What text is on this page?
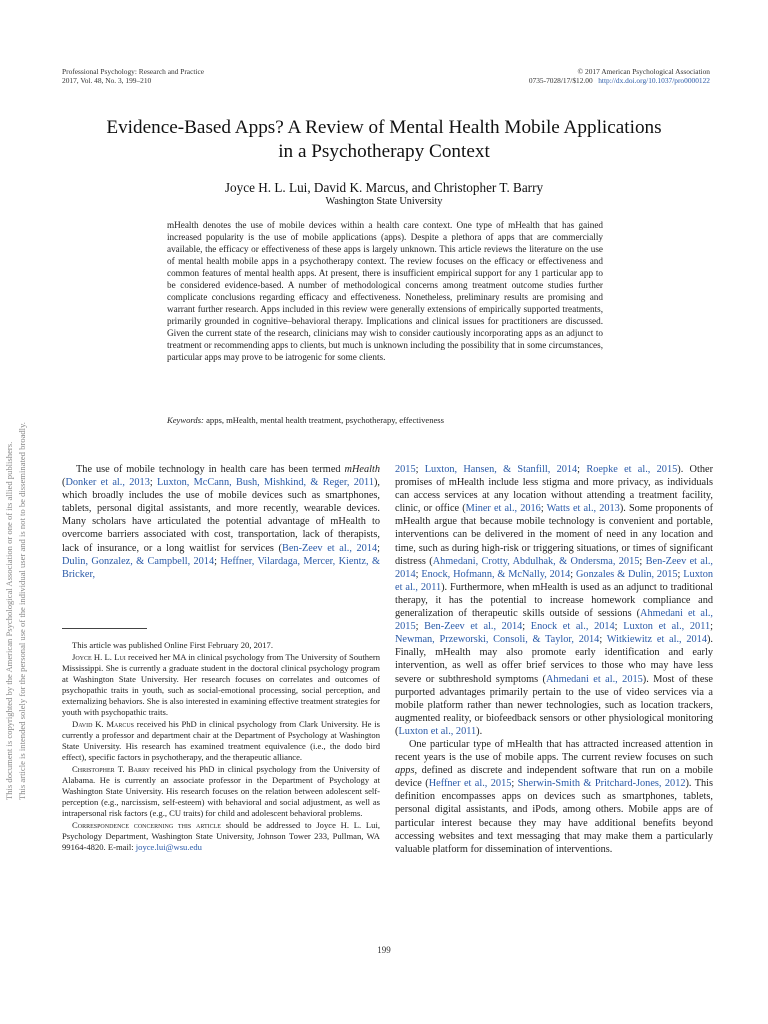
Professional Psychology: Research and Practice
2017, Vol. 48, No. 3, 199–210
© 2017 American Psychological Association
0735-7028/17/$12.00 http://dx.doi.org/10.1037/pro0000122
Evidence-Based Apps? A Review of Mental Health Mobile Applications
in a Psychotherapy Context
Joyce H. L. Lui, David K. Marcus, and Christopher T. Barry
Washington State University
mHealth denotes the use of mobile devices within a health care context. One type of mHealth that has gained increased popularity is the use of mobile applications (apps). Despite a plethora of apps that are commercially available, the efficacy or effectiveness of these apps is largely unknown. This article reviews the literature on the use of mental health mobile apps in a psychotherapy context. The review focuses on the efficacy or effectiveness and common features of mental health apps. At present, there is insufficient empirical support for any 1 particular app to be considered evidence-based. A number of methodological concerns among treatment outcome studies further complicate conclusions regarding efficacy and effectiveness. Nonetheless, preliminary results are promising and warrant further research. Apps included in this review were generally extensions of empirically supported treatments, primarily grounded in cognitive–behavioral therapy. Implications and clinical issues for practitioners are discussed. Given the current state of the research, clinicians may wish to consider cautiously incorporating apps as an adjunct to treatment or recommending apps to clients, but much is unknown including the possibility that in some circumstances, particular apps may prove to be iatrogenic for some clients.
Keywords: apps, mHealth, mental health treatment, psychotherapy, effectiveness
This document is copyrighted by the American Psychological Association or one of its allied publishers. This article is intended solely for the personal use of the individual user and is not to be disseminated broadly.	The use of mobile technology in health care has been termed mHealth (Donker et al., 2013; Luxton, McCann, Bush, Mishkind, & Reger, 2011), which broadly includes the use of mobile devices such as smartphones, tablets, personal digital assistants, and more recently, wearable devices. Many scholars have articulated the potential advantage of mHealth to overcome barriers associated with cost, transportation, lack of therapists, lack of insurance, or a long waitlist for services (Ben-Zeev et al., 2014; Dulin, Gonzalez, & Campbell, 2014; Heffner, Vilardaga, Mercer, Kientz, & Bricker,

This article was published Online First February 20, 2017.

Joyce H. L. Lui received her MA in clinical psychology from The University of Southern Mississippi. She is currently a graduate student in the doctoral clinical psychology program at Washington State University. Her research focuses on correlates and outcomes of psychopathic traits in youth, such as social-emotional processing, social perception, and externalizing behaviors. She is also interested in examining effective treatment strategies for youth with psychopathic traits.

David K. Marcus received his PhD in clinical psychology from Clark University. He is currently a professor and department chair at the Department of Psychology at Washington State University. His research has examined treatment equivalence (i.e., the dodo bird effect), specific factors in psychotherapy, and the therapeutic alliance.

Christopher T. Barry received his PhD in clinical psychology from the University of Alabama. He is currently an associate professor in the Department of Psychology at Washington State University. His research focuses on the relation between adolescent self-perception (e.g., narcissism, self-esteem) with behavioral and social adjustment, as well as intrapersonal risk factors (e.g., CU traits) for child and adolescent behavioral problems.

Correspondence concerning this article should be addressed to Joyce H. L. Lui, Psychology Department, Washington State University, Johnson Tower 233, Pullman, WA 99164-4820. E-mail: joyce.lui@wsu.edu

2015; Luxton, Hansen, & Stanfill, 2014; Roepke et al., 2015). Other promises of mHealth include less stigma and more privacy, as individuals can access services at any location without attending a treatment facility, clinic, or office (Miner et al., 2016; Watts et al., 2013). Some proponents of mHealth argue that because mobile technology is convenient and portable, interventions can be delivered in the moment of need in any location and time, such as during high-risk or triggering situations, or times of significant distress (Ahmedani, Crotty, Abdulhak, & Ondersma, 2015; Ben-Zeev et al., 2014; Enock, Hofmann, & McNally, 2014; Gonzales & Dulin, 2015; Luxton et al., 2011). Furthermore, when mHealth is used as an adjunct to traditional therapy, it has the potential to increase homework compliance and generalization of therapeutic skills outside of sessions (Ahmedani et al., 2015; Ben-Zeev et al., 2014; Enock et al., 2014; Luxton et al., 2011; Newman, Przeworski, Consoli, & Taylor, 2014; Witkiewitz et al., 2014). Finally, mHealth may also promote early identification and early intervention, as well as offer brief services to those who may have less severe or subthreshold symptoms (Ahmedani et al., 2015). Most of these purported advantages primarily pertain to the use of video services via a mobile platform rather than newer technologies, such as location trackers, augmented reality, or biofeedback sensors or other physiological monitoring (Luxton et al., 2011).

One particular type of mHealth that has attracted increased attention in recent years is the use of mobile apps. The current review focuses on such apps, defined as discrete and independent software that run on a mobile device (Heffner et al., 2015; Sherwin-Smith & Pritchard-Jones, 2012). This definition encompasses apps on devices such as smartphones, tablets, personal digital assistants, and iPods, among others. Mobile apps are of particular interest because they may have additional benefits beyond accessing websites and text messaging that may make them a particularly valuable platform for dissemination of interventions.

199
